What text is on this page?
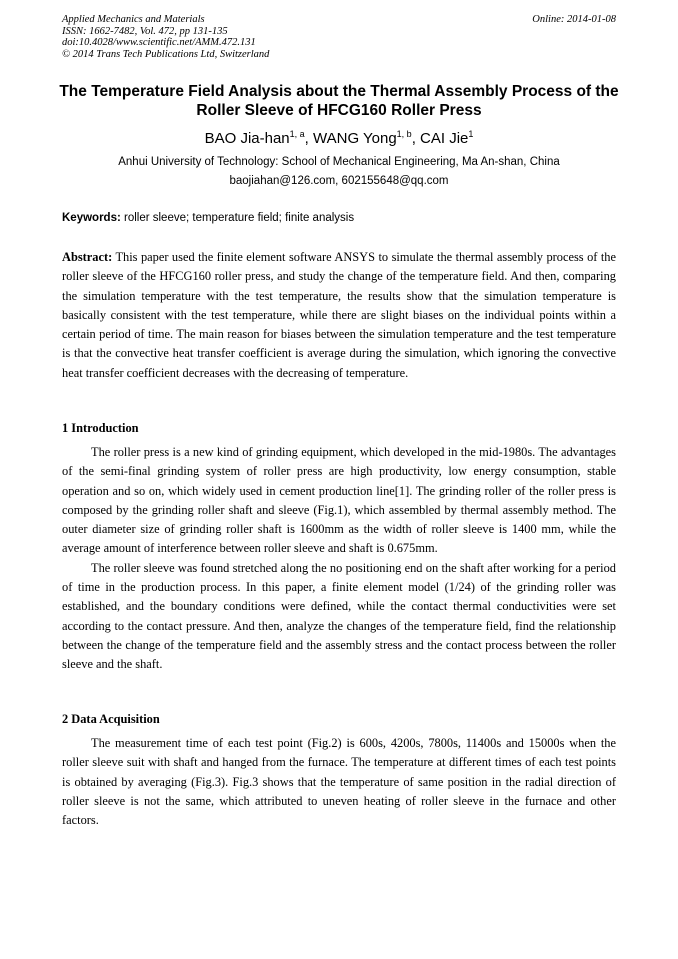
Applied Mechanics and Materials
ISSN: 1662-7482, Vol. 472, pp 131-135
doi:10.4028/www.scientific.net/AMM.472.131
© 2014 Trans Tech Publications Ltd, Switzerland
Online: 2014-01-08
The Temperature Field Analysis about the Thermal Assembly Process of the Roller Sleeve of HFCG160 Roller Press
BAO Jia-han$^{1, a}$, WANG Yong$^{1, b}$, CAI Jie$^1$
Anhui University of Technology: School of Mechanical Engineering, Ma An-shan, China
baojiahan@126.com, 602155648@qq.com
Keywords: roller sleeve; temperature field; finite analysis

Abstract: This paper used the finite element software ANSYS to simulate the thermal assembly process of the roller sleeve of the HFCG160 roller press, and study the change of the temperature field. And then, comparing the simulation temperature with the test temperature, the results show that the simulation temperature is basically consistent with the test temperature, while there are slight biases on the individual points within a certain period of time. The main reason for biases between the simulation temperature and the test temperature is that the convective heat transfer coefficient is average during the simulation, which ignoring the convective heat transfer coefficient decreases with the decreasing of temperature.

1 Introduction

The roller press is a new kind of grinding equipment, which developed in the mid-1980s. The advantages of the semi-final grinding system of roller press are high productivity, low energy consumption, stable operation and so on, which widely used in cement production line[1]. The grinding roller of the roller press is composed by the grinding roller shaft and sleeve (Fig.1), which assembled by thermal assembly method. The outer diameter size of grinding roller shaft is 1600mm as the width of roller sleeve is 1400 mm, while the average amount of interference between roller sleeve and shaft is 0.675mm.

The roller sleeve was found stretched along the no positioning end on the shaft after working for a period of time in the production process. In this paper, a finite element model (1/24) of the grinding roller was established, and the boundary conditions were defined, while the contact thermal conductivities were set according to the contact pressure. And then, analyze the changes of the temperature field, find the relationship between the change of the temperature field and the assembly stress and the contact process between the roller sleeve and the shaft.

2 Data Acquisition

The measurement time of each test point (Fig.2) is 600s, 4200s, 7800s, 11400s and 15000s when the roller sleeve suit with shaft and hanged from the furnace. The temperature at different times of each test points is obtained by averaging (Fig.3). Fig.3 shows that the temperature of same position in the radial direction of roller sleeve is not the same, which attributed to uneven heating of roller sleeve in the furnace and other factors.
